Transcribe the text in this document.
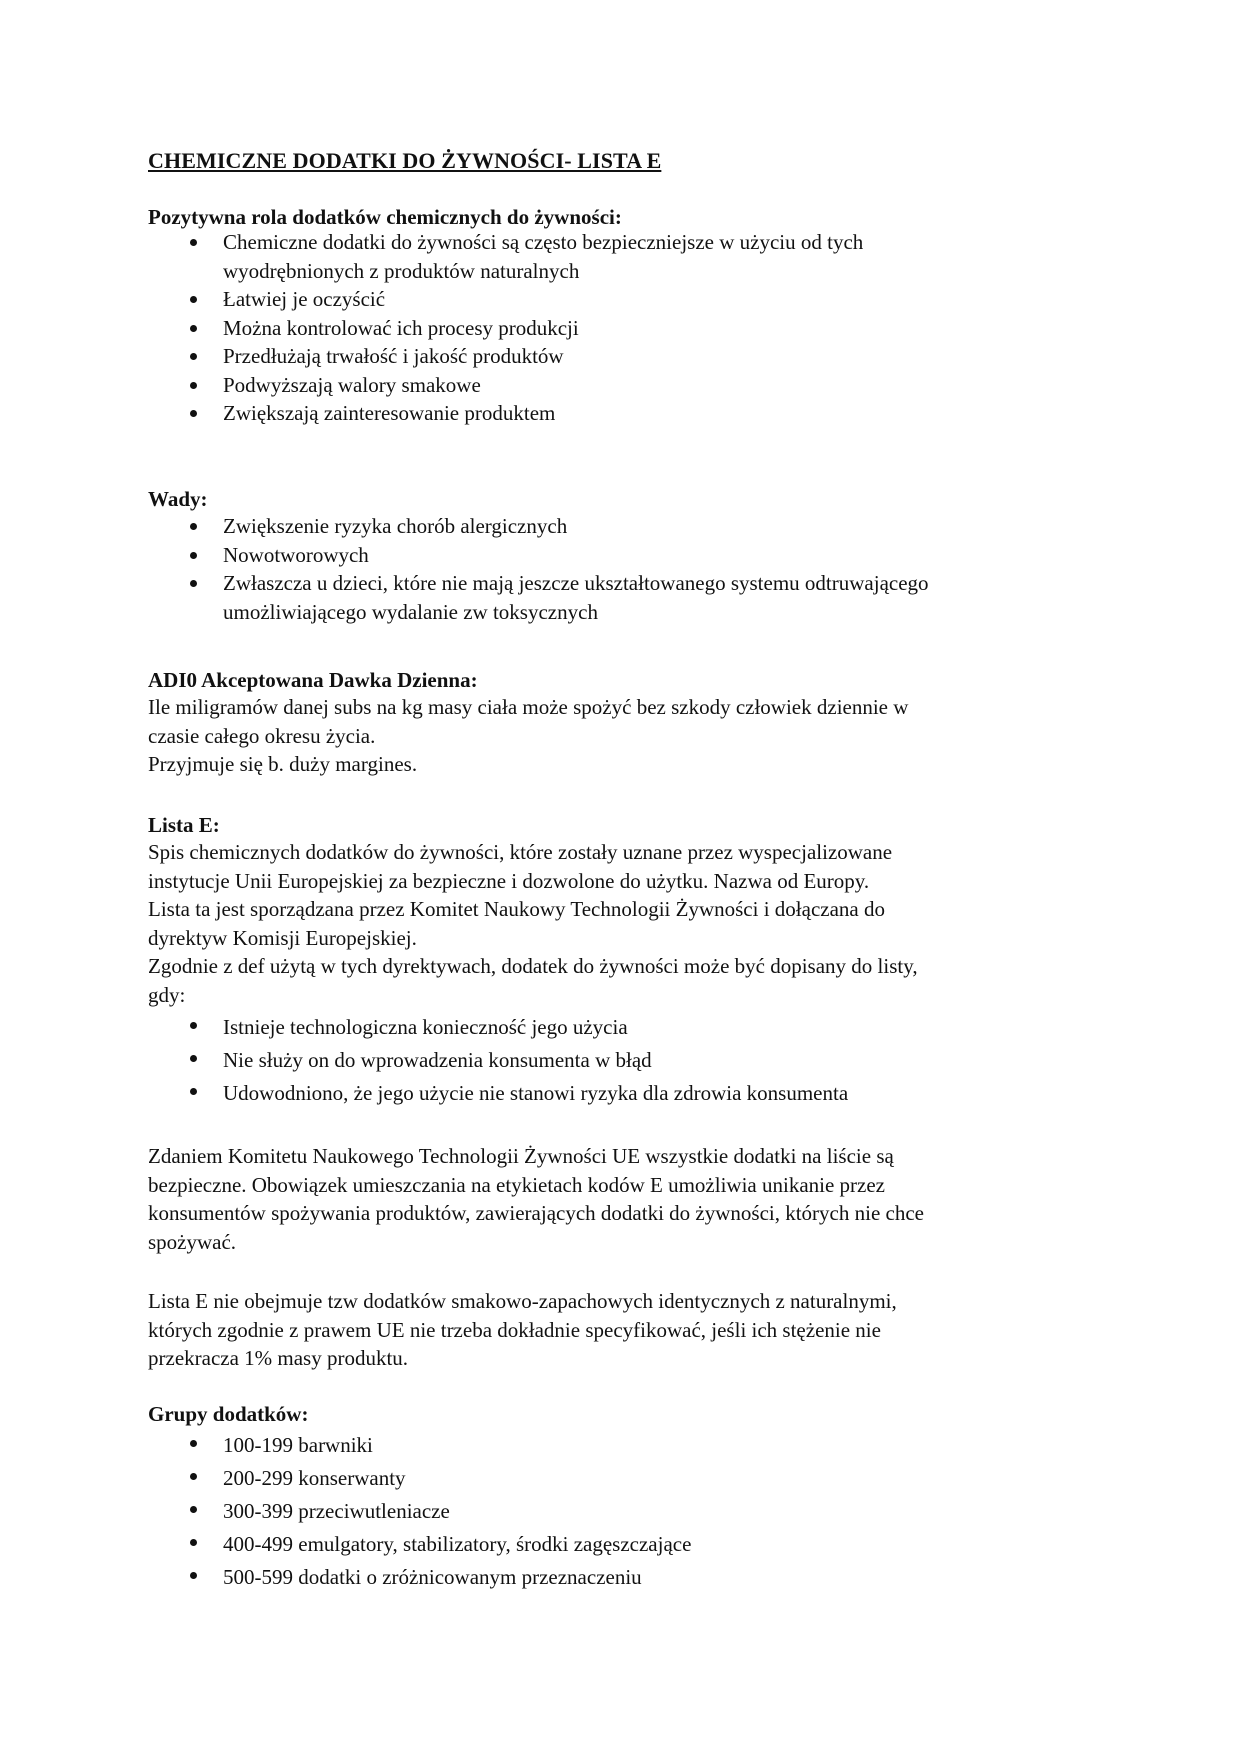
CHEMICZNE DODATKI DO ŻYWNOŚCI- LISTA E
Pozytywna rola dodatków chemicznych do żywności:
Chemiczne dodatki do żywności są często bezpieczniejsze w użyciu od tych
wyodrębnionych z produktów naturalnych
Łatwiej je oczyścić
Można kontrolować ich procesy produkcji
Przedłużają trwałość i jakość produktów
Podwyższają walory smakowe
Zwiększają zainteresowanie produktem
Wady:
Zwiększenie ryzyka chorób alergicznych
Nowotworowych
Zwłaszcza u dzieci, które nie mają jeszcze ukształtowanego systemu odtruwającego
umożliwiającego wydalanie zw toksycznych
ADI0 Akceptowana Dawka Dzienna:
Ile miligramów danej subs na kg masy ciała może spożyć bez szkody człowiek dziennie w
czasie całego okresu życia.
Przyjmuje się b. duży margines.
Lista E:
Spis chemicznych dodatków do żywności, które zostały uznane przez wyspecjalizowane
instytucje Unii Europejskiej za bezpieczne i dozwolone do użytku. Nazwa od Europy.
Lista ta jest sporządzana przez Komitet Naukowy Technologii Żywności i dołączana do
dyrektyw Komisji Europejskiej.
Zgodnie z def użytą w tych dyrektywach, dodatek do żywności może być dopisany do listy,
gdy:
Istnieje technologiczna konieczność jego użycia
Nie służy on do wprowadzenia konsumenta w błąd
Udowodniono, że jego użycie nie stanowi ryzyka dla zdrowia konsumenta
Zdaniem Komitetu Naukowego Technologii Żywności UE wszystkie dodatki na liście są
bezpieczne. Obowiązek umieszczania na etykietach kodów E umożliwia unikanie przez
konsumentów spożywania produktów, zawierających dodatki do żywności, których nie chce
spożywać.
Lista E nie obejmuje tzw dodatków smakowo-zapachowych identycznych z naturalnymi,
których zgodnie z prawem UE nie trzeba dokładnie specyfikować, jeśli ich stężenie nie
przekracza 1% masy produktu.
Grupy dodatków:
100-199 barwniki
200-299 konserwanty
300-399 przeciwutleniacze
400-499 emulgatory, stabilizatory, środki zagęszczające
500-599 dodatki o zróżnicowanym przeznaczeniu
